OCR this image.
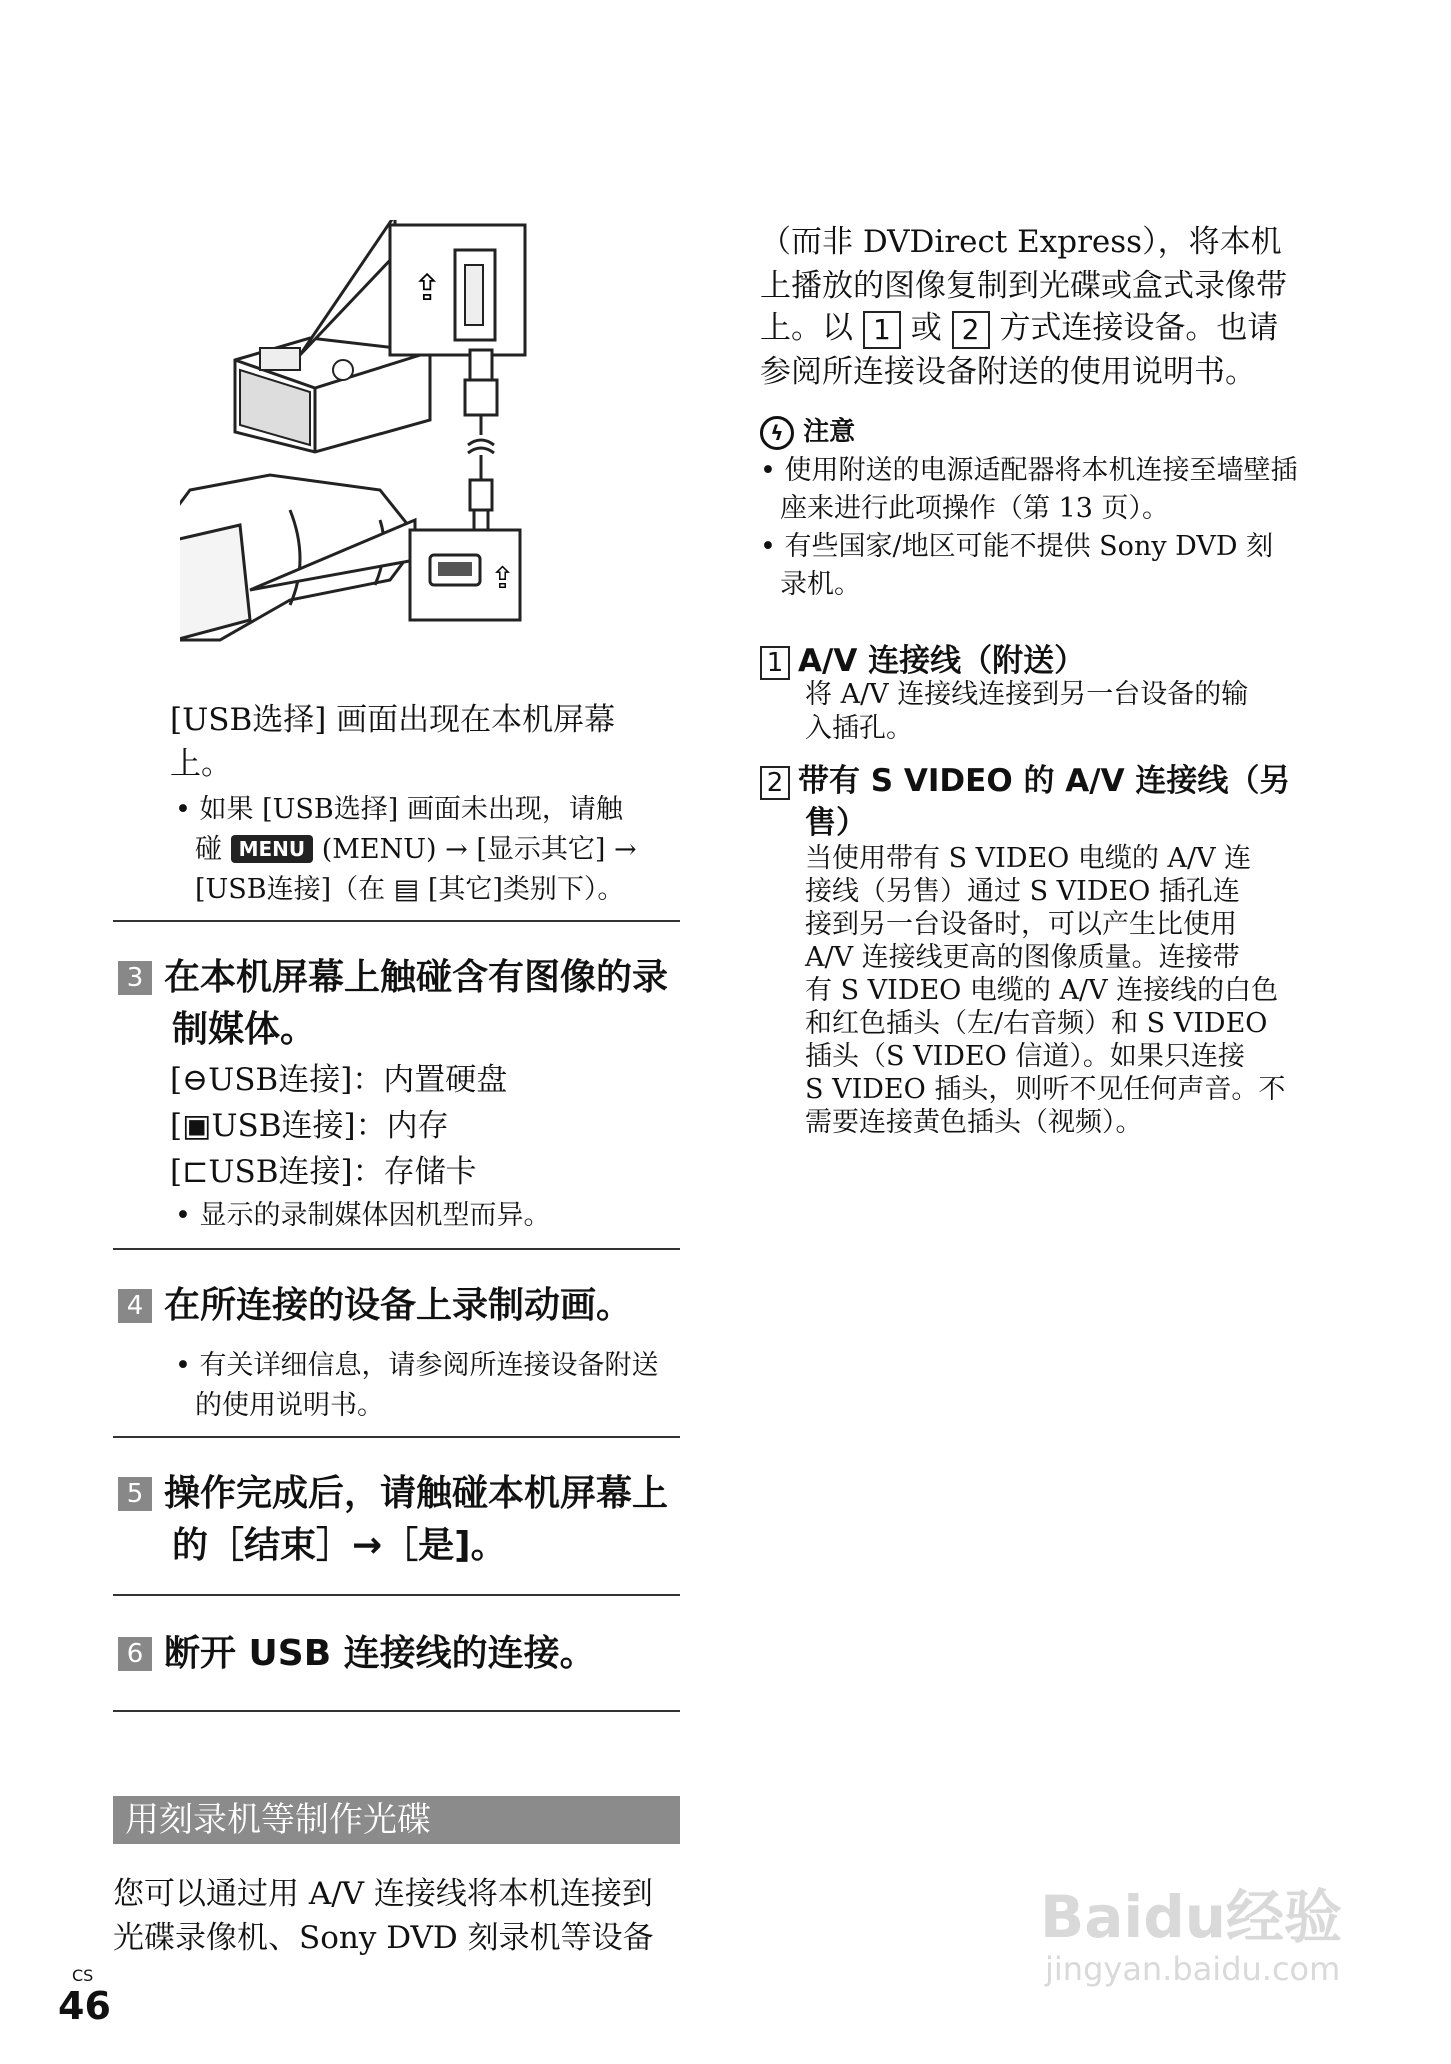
⇪
⇪
[USB选择] 画面出现在本机屏幕
上。
• 如果 [USB选择] 画面未出现，请触
碰 MENU (MENU) → [显示其它] →
[USB连接]（在 ▤ [其它]类别下）。
3 在本机屏幕上触碰含有图像的录
制媒体。
[⊖USB连接]：内置硬盘
[▣USB连接]：内存
[⊏USB连接]：存储卡
• 显示的录制媒体因机型而异。
4 在所连接的设备上录制动画。
• 有关详细信息，请参阅所连接设备附送
的使用说明书。
5 操作完成后，请触碰本机屏幕上
的［结束］→［是]。
6 断开 USB 连接线的连接。
用刻录机等制作光碟
您可以通过用 A/V 连接线将本机连接到
光碟录像机、Sony DVD 刻录机等设备
CS
46
（而非 DVDirect Express），将本机
上播放的图像复制到光碟或盒式录像带
上。以 1 或 2 方式连接设备。也请
参阅所连接设备附送的使用说明书。
ϟ 注意
• 使用附送的电源适配器将本机连接至墙壁插
座来进行此项操作（第 13 页）。
• 有些国家/地区可能不提供 Sony DVD 刻
录机。
1 A/V 连接线（附送）
将 A/V 连接线连接到另一台设备的输
入插孔。
2 带有 S VIDEO 的 A/V 连接线（另
售）
当使用带有 S VIDEO 电缆的 A/V 连
接线（另售）通过 S VIDEO 插孔连
接到另一台设备时，可以产生比使用
A/V 连接线更高的图像质量。连接带
有 S VIDEO 电缆的 A/V 连接线的白色
和红色插头（左/右音频）和 S VIDEO
插头（S VIDEO 信道）。如果只连接
S VIDEO 插头，则听不见任何声音。不
需要连接黄色插头（视频）。
Baidu经验
jingyan.baidu.com
